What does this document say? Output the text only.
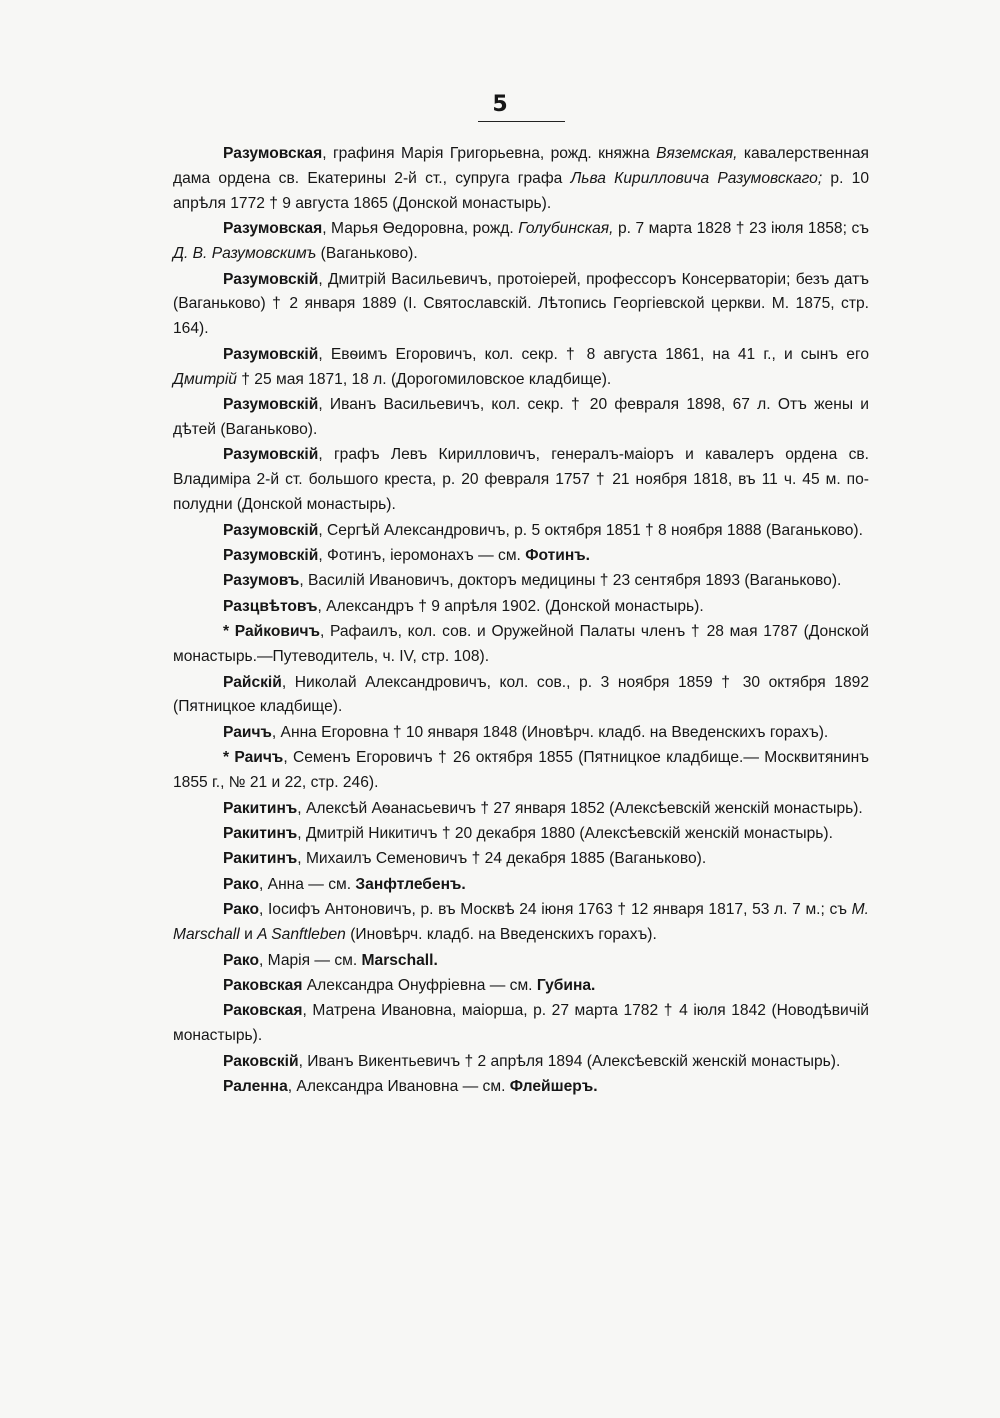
5

Разумовская, графиня Марія Григорьевна, рожд. княжна Вяземская, кавалерственная дама ордена св. Екатерины 2-й ст., супруга графа Льва Кирилловича Разумовскаго; р. 10 апрѣля 1772 † 9 августа 1865 (Донской монастырь).

Разумовская, Марья Өедоровна, рожд. Голубинская, р. 7 марта 1828 † 23 іюля 1858; съ Д. В. Разумовскимъ (Ваганьково).

Разумовскій, Дмитрій Васильевичъ, протоіерей, профессоръ Консерваторіи; безъ датъ (Ваганьково) † 2 января 1889 (І. Святославскій. Лѣтопись Георгіевской церкви. М. 1875, стр. 164).

Разумовскій, Евѳимъ Егоровичъ, кол. секр. † 8 августа 1861, на 41 г., и сынъ его Дмитрій † 25 мая 1871, 18 л. (Дорогомиловское кладбище).

Разумовскій, Иванъ Васильевичъ, кол. секр. † 20 февраля 1898, 67 л. Отъ жены и дѣтей (Ваганьково).

Разумовскій, графъ Левъ Кирилловичъ, генералъ-маіоръ и кавалеръ ордена св. Владиміра 2-й ст. большого креста, р. 20 февраля 1757 † 21 ноября 1818, въ 11 ч. 45 м. по-полудни (Донской монастырь).

Разумовскій, Сергѣй Александровичъ, р. 5 октября 1851 † 8 ноября 1888 (Ваганьково).

Разумовскій, Фотинъ, іеромонахъ — см. Фотинъ.

Разумовъ, Василій Ивановичъ, докторъ медицины † 23 сентября 1893 (Ваганьково).

Разцвѣтовъ, Александръ † 9 апрѣля 1902. (Донской монастырь).

* Райковичъ, Рафаилъ, кол. сов. и Оружейной Палаты членъ † 28 мая 1787 (Донской монастырь.—Путеводитель, ч. IV, стр. 108).

Райскій, Николай Александровичъ, кол. сов., р. 3 ноября 1859 † 30 октября 1892 (Пятницкое кладбище).

Раичъ, Анна Егоровна † 10 января 1848 (Иновѣрч. кладб. на Введенскихъ горахъ).

* Раичъ, Семенъ Егоровичъ † 26 октября 1855 (Пятницкое кладбище.— Москвитянинъ 1855 г., № 21 и 22, стр. 246).

Ракитинъ, Алексѣй Аѳанасьевичъ † 27 января 1852 (Алексѣевскій женскій монастырь).

Ракитинъ, Дмитрій Никитичъ † 20 декабря 1880 (Алексѣевскій женскій монастырь).

Ракитинъ, Михаилъ Семеновичъ † 24 декабря 1885 (Ваганьково).

Рако, Анна — см. Занфтлебенъ.

Рако, Іосифъ Антоновичъ, р. въ Москвѣ 24 іюня 1763 † 12 января 1817, 53 л. 7 м.; съ M. Marschall и A Sanftleben (Иновѣрч. кладб. на Введенскихъ горахъ).

Рако, Марія — см. Marschall.

Раковская Александра Онуфріевна — см. Губина.

Раковская, Матрена Ивановна, маіорша, р. 27 марта 1782 † 4 іюля 1842 (Новодѣвичій монастырь).

Раковскій, Иванъ Викентьевичъ † 2 апрѣля 1894 (Алексѣевскій женскій монастырь).

Раленна, Александра Ивановна — см. Флейшеръ.
